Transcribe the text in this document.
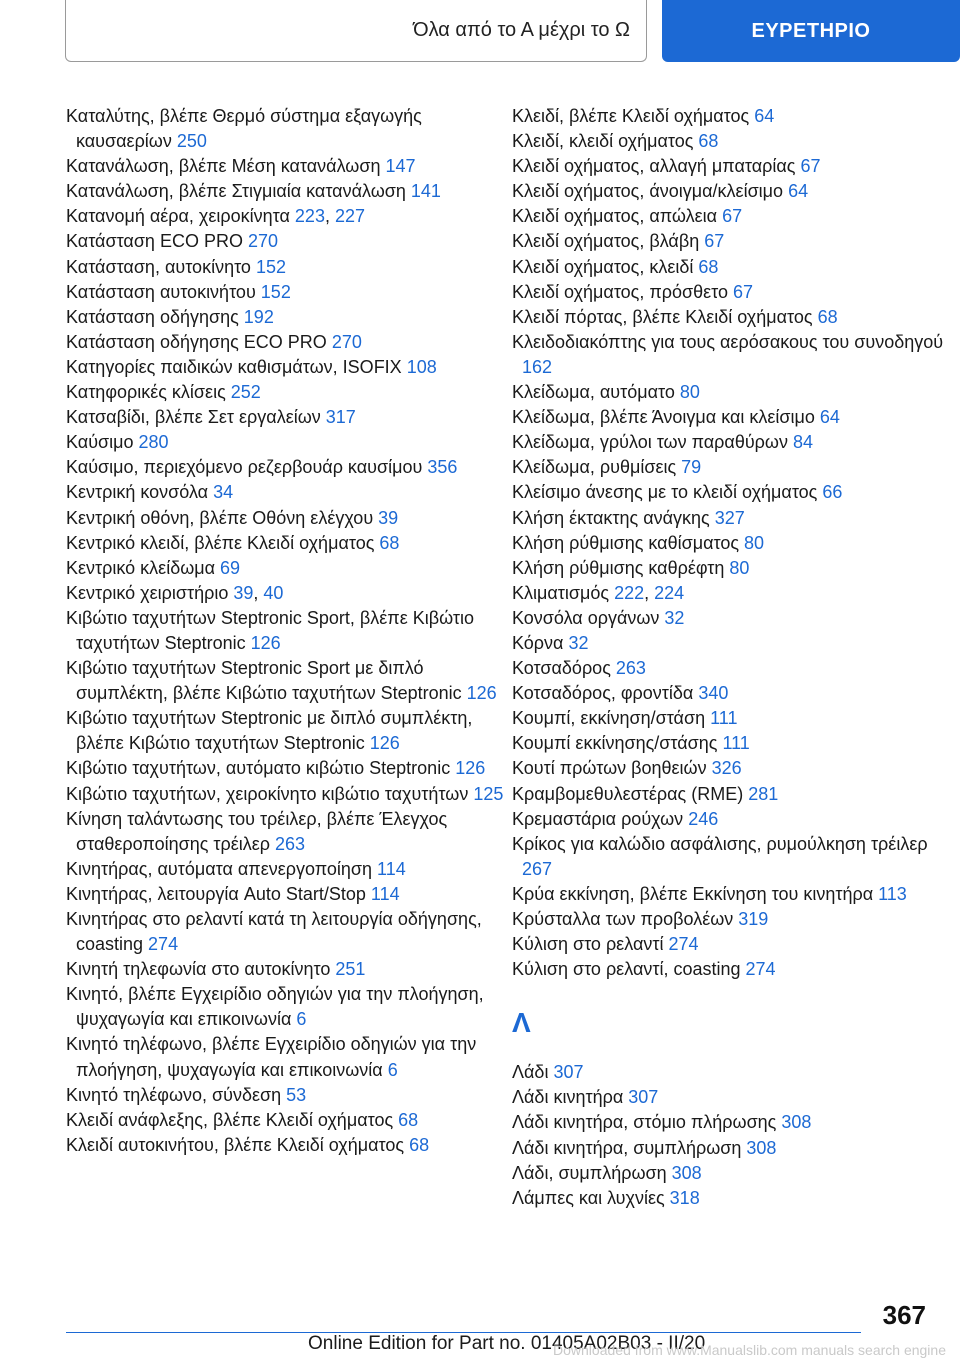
Όλα από το Α μέχρι το Ω	ΕΥΡΕΤΗΡΙΟ

Καταλύτης, βλέπε Θερμό σύστημα εξαγωγής καυσαερίων 250

Κατανάλωση, βλέπε Μέση κατανάλωση 147

Κατανάλωση, βλέπε Στιγμιαία κατανάλωση 141

Κατανομή αέρα, χειροκίνητα 223, 227

Κατάσταση ECO PRO 270

Κατάσταση, αυτοκίνητο 152

Κατάσταση αυτοκινήτου 152

Κατάσταση οδήγησης 192

Κατάσταση οδήγησης ECO PRO 270

Κατηγορίες παιδικών καθισμάτων, ISOFIX 108

Κατηφορικές κλίσεις 252

Κατσαβίδι, βλέπε Σετ εργαλείων 317

Καύσιμο 280

Καύσιμο, περιεχόμενο ρεζερβουάρ καυσίμου 356

Κεντρική κονσόλα 34

Κεντρική οθόνη, βλέπε Οθόνη ελέγχου 39

Κεντρικό κλειδί, βλέπε Κλειδί οχήματος 68

Κεντρικό κλείδωμα 69

Κεντρικό χειριστήριο 39, 40

Κιβώτιο ταχυτήτων Steptronic Sport, βλέπε Κιβώτιο ταχυτήτων Steptronic 126

Κιβώτιο ταχυτήτων Steptronic Sport με διπλό συμπλέκτη, βλέπε Κιβώτιο ταχυτήτων Steptronic 126

Κιβώτιο ταχυτήτων Steptronic με διπλό συμπλέκτη, βλέπε Κιβώτιο ταχυτήτων Steptronic 126

Κιβώτιο ταχυτήτων, αυτόματο κιβώτιο Steptronic 126

Κιβώτιο ταχυτήτων, χειροκίνητο κιβώτιο ταχυτήτων 125

Κίνηση ταλάντωσης του τρέιλερ, βλέπε Έλεγχος σταθεροποίησης τρέιλερ 263

Κινητήρας, αυτόματα απενεργοποίηση 114

Κινητήρας, λειτουργία Auto Start/Stop 114

Κινητήρας στο ρελαντί κατά τη λειτουργία οδήγησης, coasting 274

Κινητή τηλεφωνία στο αυτοκίνητο 251

Κινητό, βλέπε Εγχειρίδιο οδηγιών για την πλοήγηση, ψυχαγωγία και επικοινωνία 6

Κινητό τηλέφωνο, βλέπε Εγχειρίδιο οδηγιών για την πλοήγηση, ψυχαγωγία και επικοινωνία 6

Κινητό τηλέφωνο, σύνδεση 53

Κλειδί ανάφλεξης, βλέπε Κλειδί οχήματος 68

Κλειδί αυτοκινήτου, βλέπε Κλειδί οχήματος 68

Κλειδί, βλέπε Κλειδί οχήματος 64

Κλειδί, κλειδί οχήματος 68

Κλειδί οχήματος, αλλαγή μπαταρίας 67

Κλειδί οχήματος, άνοιγμα/κλείσιμο 64

Κλειδί οχήματος, απώλεια 67

Κλειδί οχήματος, βλάβη 67

Κλειδί οχήματος, κλειδί 68

Κλειδί οχήματος, πρόσθετο 67

Κλειδί πόρτας, βλέπε Κλειδί οχήματος 68

Κλειδοδιακόπτης για τους αερόσακους του συνοδηγού 162

Κλείδωμα, αυτόματο 80

Κλείδωμα, βλέπε Άνοιγμα και κλείσιμο 64

Κλείδωμα, γρύλοι των παραθύρων 84

Κλείδωμα, ρυθμίσεις 79

Κλείσιμο άνεσης με το κλειδί οχήματος 66

Κλήση έκτακτης ανάγκης 327

Κλήση ρύθμισης καθίσματος 80

Κλήση ρύθμισης καθρέφτη 80

Κλιματισμός 222, 224

Κονσόλα οργάνων 32

Κόρνα 32

Κοτσαδόρος 263

Κοτσαδόρος, φροντίδα 340

Κουμπί, εκκίνηση/στάση 111

Κουμπί εκκίνησης/στάσης 111

Κουτί πρώτων βοηθειών 326

Κραμβομεθυλεστέρας (RME) 281

Κρεμαστάρια ρούχων 246

Κρίκος για καλώδιο ασφάλισης, ρυμούλκηση τρέιλερ 267

Κρύα εκκίνηση, βλέπε Εκκίνηση του κινητήρα 113

Κρύσταλλα των προβολέων 319

Κύλιση στο ρελαντί 274

Κύλιση στο ρελαντί, coasting 274

Λ

Λάδι 307

Λάδι κινητήρα 307

Λάδι κινητήρα, στόμιο πλήρωσης 308

Λάδι κινητήρα, συμπλήρωση 308

Λάδι, συμπλήρωση 308

Λάμπες και λυχνίες 318

367
Online Edition for Part no. 01405A02B03 - II/20
Downloaded from www.Manualslib.com manuals search engine
